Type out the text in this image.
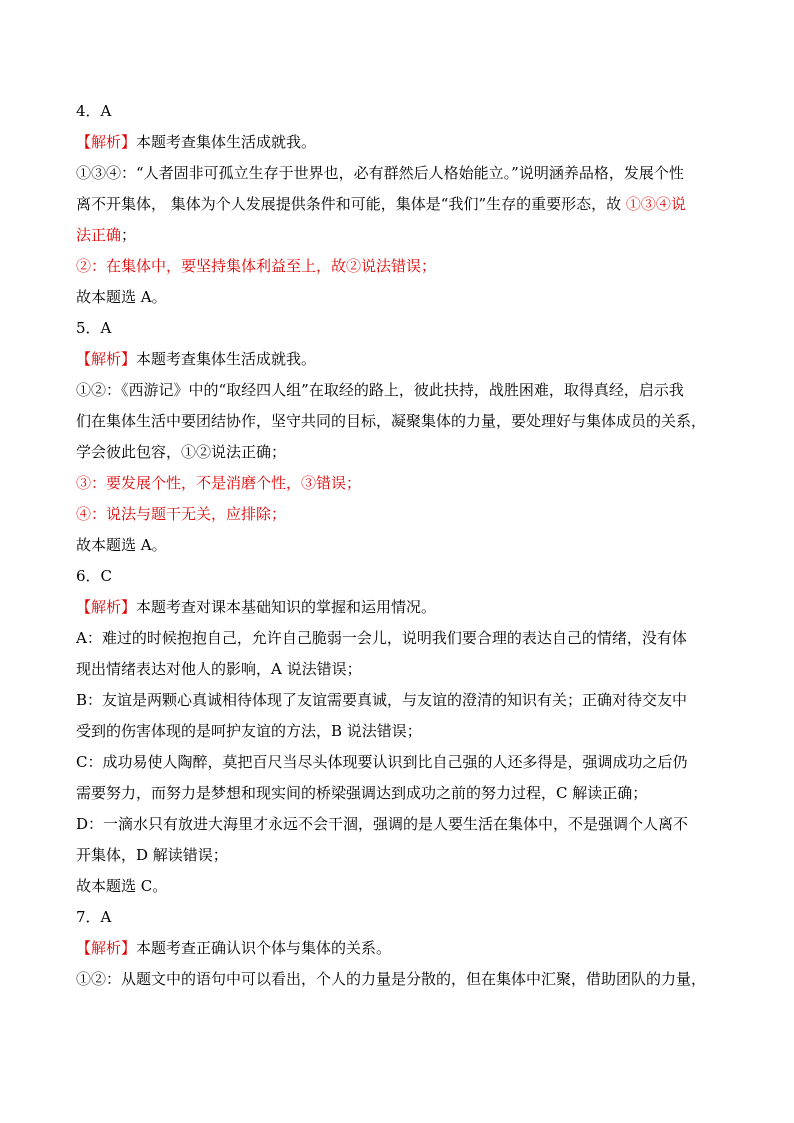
4．A
【解析】本题考查集体生活成就我。
①③④：“人者固非可孤立生存于世界也，必有群然后人格始能立。”说明涵养品格，发展个性
离不开集体， 集体为个人发展提供条件和可能，集体是“我们”生存的重要形态，故 ①③④说
法正确；
②：在集体中，要坚持集体利益至上，故②说法错误；
故本题选 A。
5．A
【解析】本题考查集体生活成就我。
①②：《西游记》中的“取经四人组”在取经的路上，彼此扶持，战胜困难，取得真经，启示我
们在集体生活中要团结协作，坚守共同的目标，凝聚集体的力量，要处理好与集体成员的关系，
学会彼此包容，①②说法正确；
③：要发展个性，不是消磨个性，③错误；
④：说法与题干无关，应排除；
故本题选 A。
6．C
【解析】本题考查对课本基础知识的掌握和运用情况。
A：难过的时候抱抱自己，允许自己脆弱一会儿，说明我们要合理的表达自己的情绪，没有体
现出情绪表达对他人的影响，A 说法错误；
B：友谊是两颗心真诚相待体现了友谊需要真诚，与友谊的澄清的知识有关；正确对待交友中
受到的伤害体现的是呵护友谊的方法，B 说法错误；
C：成功易使人陶醉，莫把百尺当尽头体现要认识到比自己强的人还多得是，强调成功之后仍
需要努力，而努力是梦想和现实间的桥梁强调达到成功之前的努力过程，C 解读正确；
D：一滴水只有放进大海里才永远不会干涸，强调的是人要生活在集体中，不是强调个人离不
开集体，D 解读错误；
故本题选 C。
7．A
【解析】本题考查正确认识个体与集体的关系。
①②：从题文中的语句中可以看出，个人的力量是分散的，但在集体中汇聚，借助团队的力量，
